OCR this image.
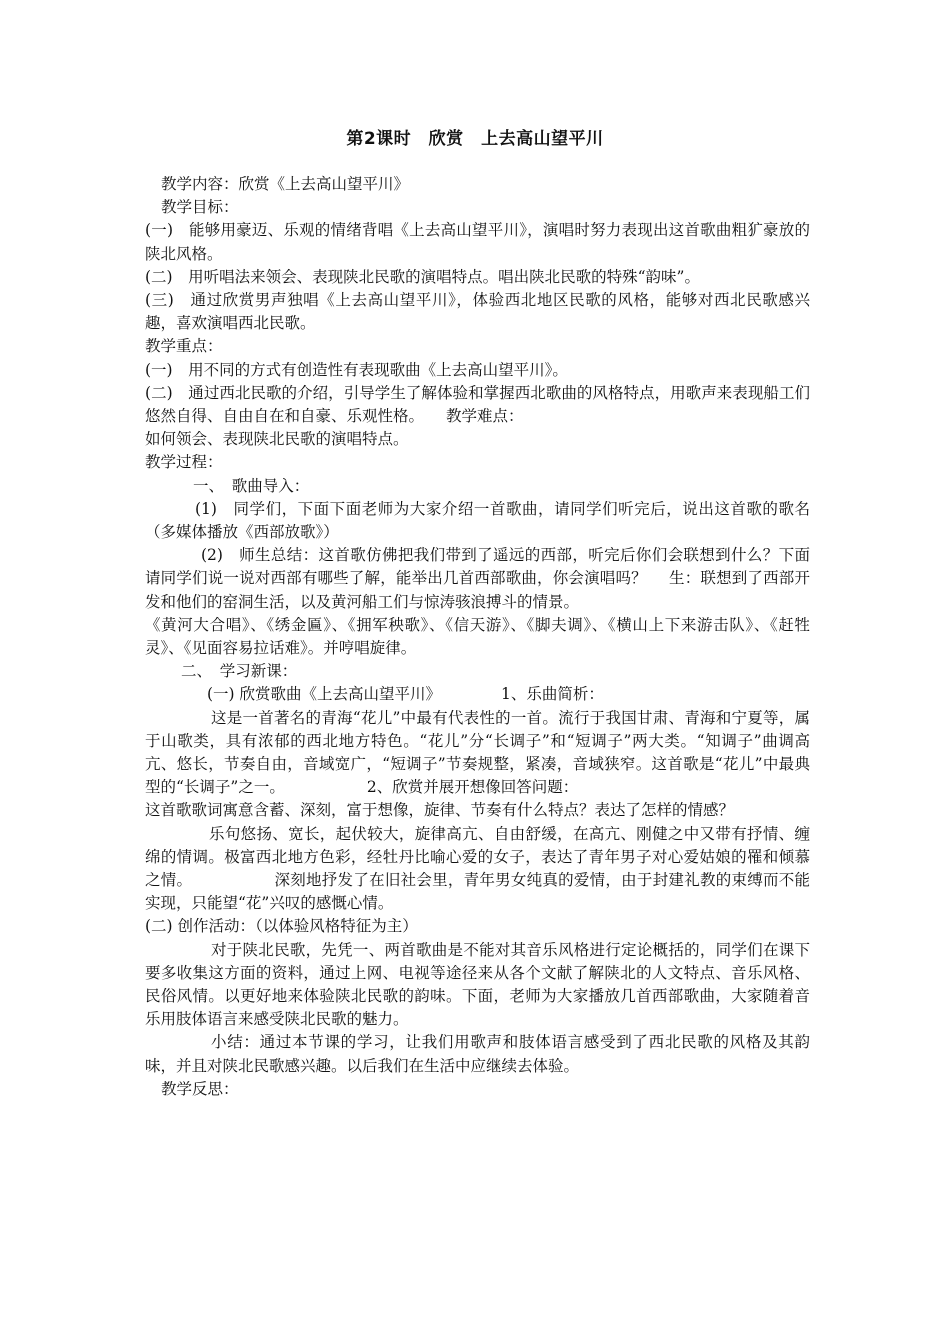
第2课时　欣赏　上去高山望平川
教学内容：欣赏《上去高山望平川》
教学目标：
(一)　能够用豪迈、乐观的情绪背唱《上去高山望平川》，演唱时努力表现出这首歌曲粗犷豪放的陕北风格。
(二)　用听唱法来领会、表现陕北民歌的演唱特点。唱出陕北民歌的特殊“韵味”。
(三)　通过欣赏男声独唱《上去高山望平川》，体验西北地区民歌的风格，能够对西北民歌感兴趣，喜欢演唱西北民歌。
教学重点：
(一)　用不同的方式有创造性有表现歌曲《上去高山望平川》。
(二)　通过西北民歌的介绍，引导学生了解体验和掌握西北歌曲的风格特点，用歌声来表现船工们悠然自得、自由自在和自豪、乐观性格。 教学难点：
如何领会、表现陕北民歌的演唱特点。
教学过程：
一、　歌曲导入：
(1)　同学们，下面下面老师为大家介绍一首歌曲，请同学们听完后，说出这首歌的歌名（多媒体播放《西部放歌》）
(2)　师生总结：这首歌仿佛把我们带到了遥远的西部，听完后你们会联想到什么？下面请同学们说一说对西部有哪些了解，能举出几首西部歌曲，你会演唱吗？ 生：联想到了西部开发和他们的窑洞生活，以及黄河船工们与惊涛骇浪搏斗的情景。
《黄河大合唱》、《绣金匾》、《拥军秧歌》、《信天游》、《脚夫调》、《横山上下来游击队》、《赶牲灵》、《见面容易拉话难》。并哼唱旋律。
二、　学习新课：
(一) 欣赏歌曲《上去高山望平川》	1、乐曲简析：
这是一首著名的青海“花儿”中最有代表性的一首。流行于我国甘肃、青海和宁夏等，属于山歌类，具有浓郁的西北地方特色。“花儿”分“长调子”和“短调子”两大类。“知调子”曲调高亢、悠长，节奏自由，音域宽广，“短调子”节奏规整，紧凑，音域狭窄。这首歌是“花儿”中最典型的“长调子”之一。	2、欣赏并展开想像回答问题：
这首歌歌词寓意含蓄、深刻，富于想像，旋律、节奏有什么特点？表达了怎样的情感？
乐句悠扬、宽长，起伏较大，旋律高亢、自由舒缓，在高亢、刚健之中又带有抒情、缠绵的情调。极富西北地方色彩，经牡丹比喻心爱的女子，表达了青年男子对心爱姑娘的罹和倾慕之情。	深刻地抒发了在旧社会里，青年男女纯真的爱情，由于封建礼教的束缚而不能实现，只能望“花”兴叹的感慨心情。
(二) 创作活动：（以体验风格特征为主）
对于陕北民歌，先凭一、两首歌曲是不能对其音乐风格进行定论概括的，同学们在课下要多收集这方面的资料，通过上网、电视等途径来从各个文献了解陕北的人文特点、音乐风格、民俗风情。以更好地来体验陕北民歌的韵味。下面，老师为大家播放几首西部歌曲，大家随着音乐用肢体语言来感受陕北民歌的魅力。
小结：通过本节课的学习，让我们用歌声和肢体语言感受到了西北民歌的风格及其韵味，并且对陕北民歌感兴趣。以后我们在生活中应继续去体验。
教学反思：
